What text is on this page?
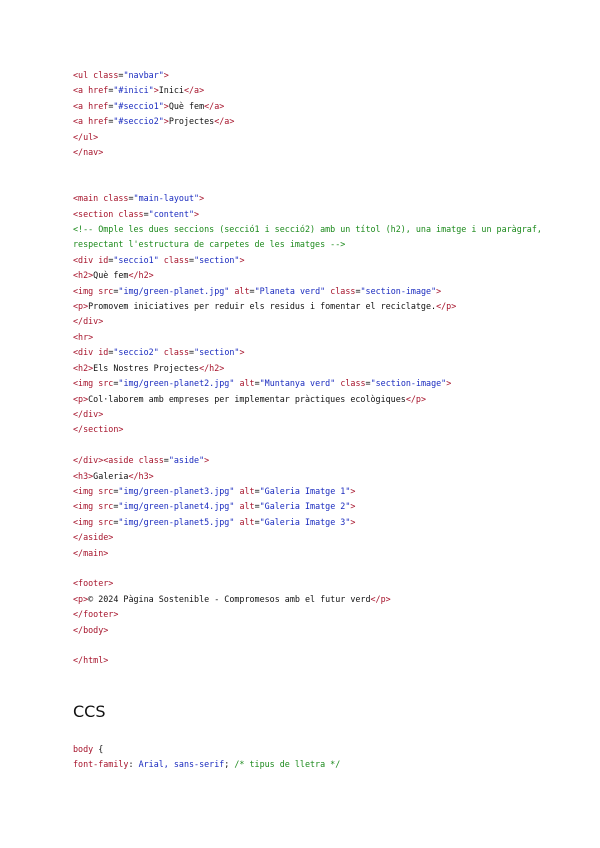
<ul class="navbar">
<a href="#inici">Inici</a>
<a href="#seccio1">Què fem</a>
<a href="#seccio2">Projectes</a>
</ul>
</nav>
<main class="main-layout">
<section class="content">
<!-- Omple les dues seccions (secció1 i secció2) amb un títol (h2), una imatge i un paràgraf, respectant l'estructura de carpetes de les imatges -->
<div id="seccio1" class="section">
<h2>Què fem</h2>
<img src="img/green-planet.jpg" alt="Planeta verd" class="section-image">
<p>Promovem iniciatives per reduir els residus i fomentar el reciclatge.</p>
</div>
<hr>
<div id="seccio2" class="section">
<h2>Els Nostres Projectes</h2>
<img src="img/green-planet2.jpg" alt="Muntanya verd" class="section-image">
<p>Col·laborem amb empreses per implementar pràctiques ecològiques</p>
</div>
</section>
</div><aside class="aside">
<h3>Galeria</h3>
<img src="img/green-planet3.jpg" alt="Galeria Imatge 1">
<img src="img/green-planet4.jpg" alt="Galeria Imatge 2">
<img src="img/green-planet5.jpg" alt="Galeria Imatge 3">
</aside>
</main>
<footer>
<p>© 2024 Pàgina Sostenible - Compromesos amb el futur verd</p>
</footer>
</body>
</html>
CCS
body {
font-family: Arial, sans-serif; /* tipus de lletra */
